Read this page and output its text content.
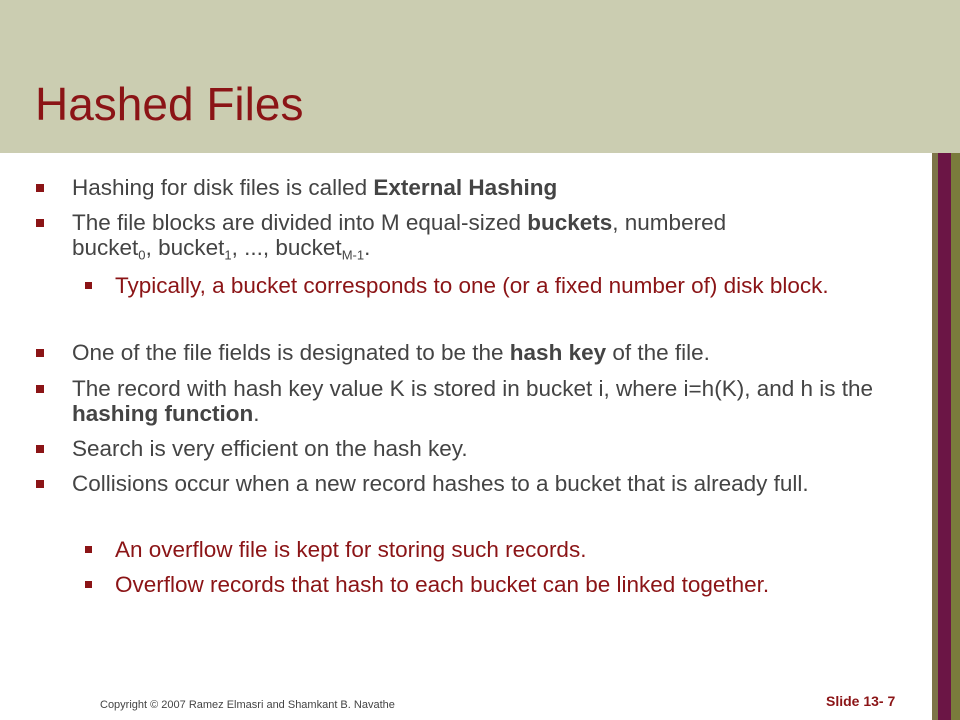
Hashed Files
Hashing for disk files is called External Hashing
The file blocks are divided into M equal-sized buckets, numbered
bucket$_0$, bucket$_1$, ..., bucket$_{M-1}$.
Typically, a bucket corresponds to one (or a fixed number of) disk block.
One of the file fields is designated to be the hash key of the file.
The record with hash key value K is stored in bucket i, where i=h(K), and h is the hashing function.
Search is very efficient on the hash key.
Collisions occur when a new record hashes to a bucket that is already full.
An overflow file is kept for storing such records.
Overflow records that hash to each bucket can be linked together.
Copyright © 2007 Ramez Elmasri and Shamkant B. Navathe	Slide 13- 7
